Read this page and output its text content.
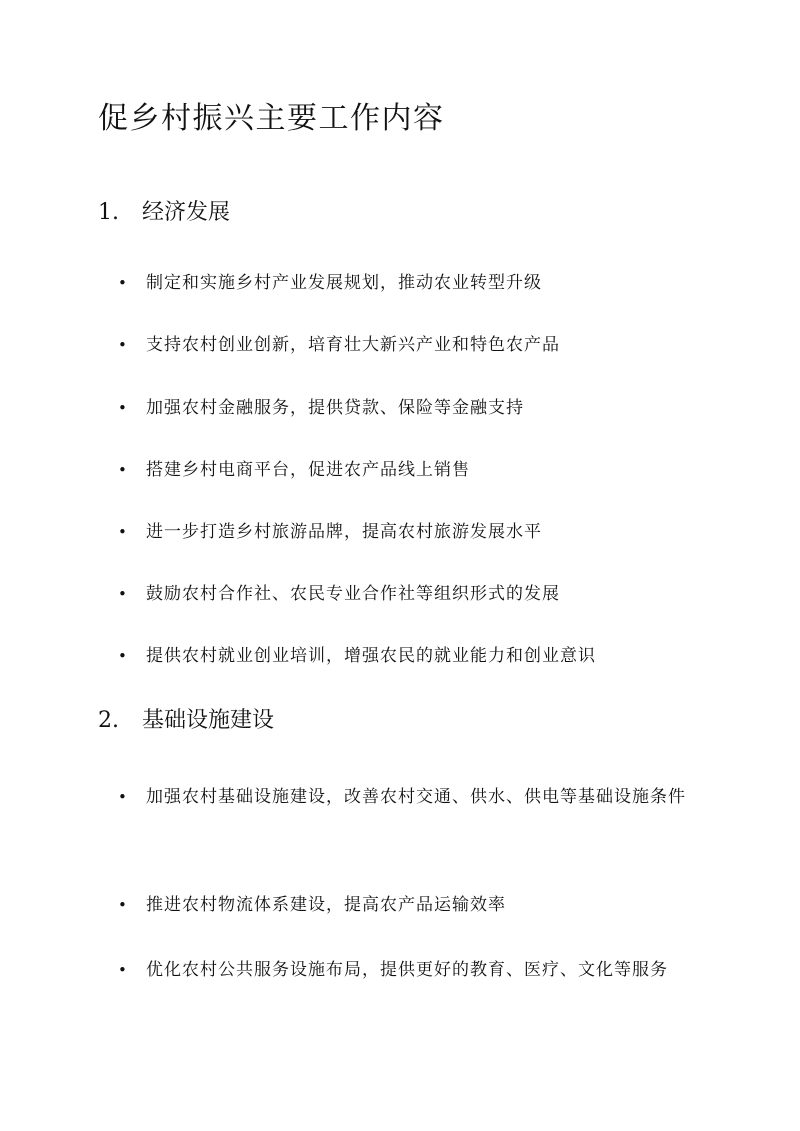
促乡村振兴主要工作内容
1. 经济发展
•	制定和实施乡村产业发展规划，推动农业转型升级
•	支持农村创业创新，培育壮大新兴产业和特色农产品
•	加强农村金融服务，提供贷款、保险等金融支持
•	搭建乡村电商平台，促进农产品线上销售
•	进一步打造乡村旅游品牌，提高农村旅游发展水平
•	鼓励农村合作社、农民专业合作社等组织形式的发展
•	提供农村就业创业培训，增强农民的就业能力和创业意识
2. 基础设施建设
•	加强农村基础设施建设，改善农村交通、供水、供电等基础设施条件
•	推进农村物流体系建设，提高农产品运输效率
•	优化农村公共服务设施布局，提供更好的教育、医疗、文化等服务
